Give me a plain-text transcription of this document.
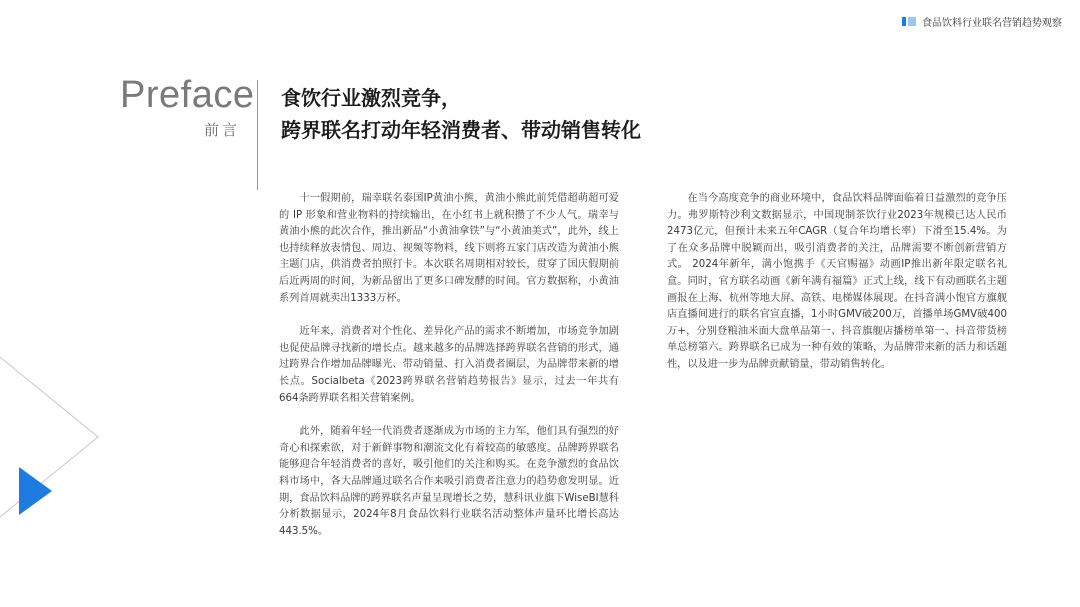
食品饮料行业联名营销趋势观察
Preface
前言
食饮行业激烈竞争，
跨界联名打动年轻消费者、带动销售转化

十一假期前，瑞幸联名泰国IP黄油小熊，黄油小熊此前凭借超萌超可爱的 IP 形象和营业物料的持续输出，在小红书上就积攒了不少人气。瑞幸与黄油小熊的此次合作，推出新品“小黄油拿铁”与“小黄油美式”，此外，线上也持续释放表情包、周边、视频等物料，线下则将五家门店改造为黄油小熊主题门店，供消费者拍照打卡。本次联名周期相对较长，贯穿了国庆假期前后近两周的时间，为新品留出了更多口碑发酵的时间。官方数据称，小黄油系列首周就卖出1333万杯。

近年来，消费者对个性化、差异化产品的需求不断增加，市场竞争加剧也促使品牌寻找新的增长点。越来越多的品牌选择跨界联名营销的形式，通过跨界合作增加品牌曝光、带动销量、打入消费者圈层，为品牌带来新的增长点。Socialbeta《2023跨界联名营销趋势报告》显示，过去一年共有664条跨界联名相关营销案例。

此外，随着年轻一代消费者逐渐成为市场的主力军，他们具有强烈的好奇心和探索欲，对于新鲜事物和潮流文化有着较高的敏感度。品牌跨界联名能够迎合年轻消费者的喜好，吸引他们的关注和购买。在竞争激烈的食品饮料市场中，各大品牌通过联名合作来吸引消费者注意力的趋势愈发明显。近期，食品饮料品牌的跨界联名声量呈现增长之势，慧科讯业旗下WiseBI慧科分析数据显示，2024年8月食品饮料行业联名活动整体声量环比增长高达443.5%。

在当今高度竞争的商业环境中，食品饮料品牌面临着日益激烈的竞争压力。弗罗斯特沙利文数据显示，中国现制茶饮行业2023年规模已达人民币2473亿元，但预计未来五年CAGR（复合年均增长率）下滑至15.4%。为了在众多品牌中脱颖而出，吸引消费者的关注，品牌需要不断创新营销方式。 2024年新年，满小饱携手《天官赐福》动画IP推出新年限定联名礼盒。同时，官方联名动画《新年满有福篇》正式上线，线下有动画联名主题画报在上海、杭州等地大屏、高铁、电梯媒体展现。在抖音满小饱官方旗舰店直播间进行的联名官宣直播，1小时GMV破200万，首播单场GMV破400万+，分别登粮油米面大盘单品第一、抖音旗舰店播榜单第一、抖音带货榜单总榜第六。跨界联名已成为一种有效的策略，为品牌带来新的活力和话题性，以及进一步为品牌贡献销量，带动销售转化。
